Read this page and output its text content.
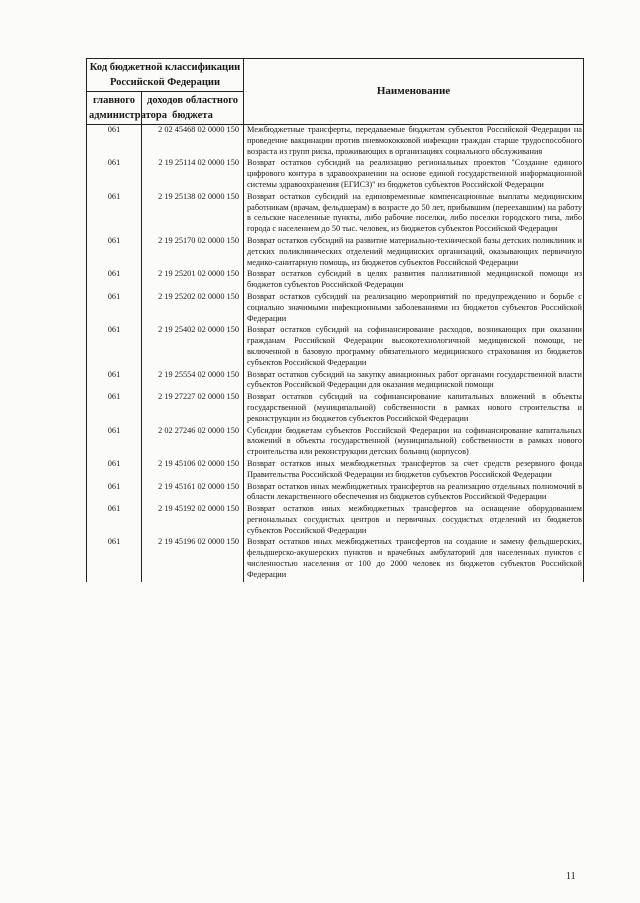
Код бюджетной классификации Российской Федерации		Наименование
главного администратора	доходов областного бюджета	
061	2 02 45468 02 0000 150	Межбюджетные трансферты, передаваемые бюджетам субъектов Российской Федерации на проведение вакцинации против пневмококковой инфекции граждан старше трудоспособного возраста из групп риска, проживающих в организациях социального обслуживания
061	2 19 25114 02 0000 150	Возврат остатков субсидий на реализацию региональных проектов "Создание единого цифрового контура в здравоохранении на основе единой государственной информационной системы здравоохранения (ЕГИСЗ)" из бюджетов субъектов Российской Федерации
061	2 19 25138 02 0000 150	Возврат остатков субсидий на единовременные компенсационные выплаты медицинским работникам (врачам, фельдшерам) в возрасте до 50 лет, прибывшим (переехавшим) на работу в сельские населенные пункты, либо рабочие поселки, либо поселки городского типа, либо города с населением до 50 тыс. человек, из бюджетов субъектов Российской Федерации
061	2 19 25170 02 0000 150	Возврат остатков субсидий на развитие материально-технической базы детских поликлиник и детских поликлинических отделений медицинских организаций, оказывающих первичную медико-санитарную помощь, из бюджетов субъектов Российской Федерации
061	2 19 25201 02 0000 150	Возврат остатков субсидий в целях развития паллиативной медицинской помощи из бюджетов субъектов Российской Федерации
061	2 19 25202 02 0000 150	Возврат остатков субсидий на реализацию мероприятий по предупреждению и борьбе с социально значимыми инфекционными заболеваниями из бюджетов субъектов Российской Федерации
061	2 19 25402 02 0000 150	Возврат остатков субсидий на софинансирование расходов, возникающих при оказании гражданам Российской Федерации высокотехнологичной медицинской помощи, не включенной в базовую программу обязательного медицинского страхования из бюджетов субъектов Российской Федерации
061	2 19 25554 02 0000 150	Возврат остатков субсидий на закупку авиационных работ органами государственной власти субъектов Российской Федерации для оказания медицинской помощи
061	2 19 27227 02 0000 150	Возврат остатков субсидий на софинансирование капитальных вложений в объекты государственной (муниципальной) собственности в рамках нового строительства и реконструкции из бюджетов субъектов Российской Федерации
061	2 02 27246 02 0000 150	Субсидии бюджетам субъектов Российской Федерации на софинансирование капитальных вложений в объекты государственной (муниципальной) собственности в рамках нового строительства или реконструкции детских больниц (корпусов)
061	2 19 45106 02 0000 150	Возврат остатков иных межбюджетных трансфертов за счет средств резервного фонда Правительства Российской Федерации из бюджетов субъектов Российской Федерации
061	2 19 45161 02 0000 150	Возврат остатков иных межбюджетных трансфертов на реализацию отдельных полномочий в области лекарственного обеспечения из бюджетов субъектов Российской Федерации
061	2 19 45192 02 0000 150	Возврат остатков иных межбюджетных трансфертов на оснащение оборудованием региональных сосудистых центров и первичных сосудистых отделений из бюджетов субъектов Российской Федерации
061	2 19 45196 02 0000 150	Возврат остатков иных межбюджетных трансфертов на создание и замену фельдшерских, фельдшерско-акушерских пунктов и врачебных амбулаторий для населенных пунктов с численностью населения от 100 до 2000 человек из бюджетов субъектов Российской Федерации
11
